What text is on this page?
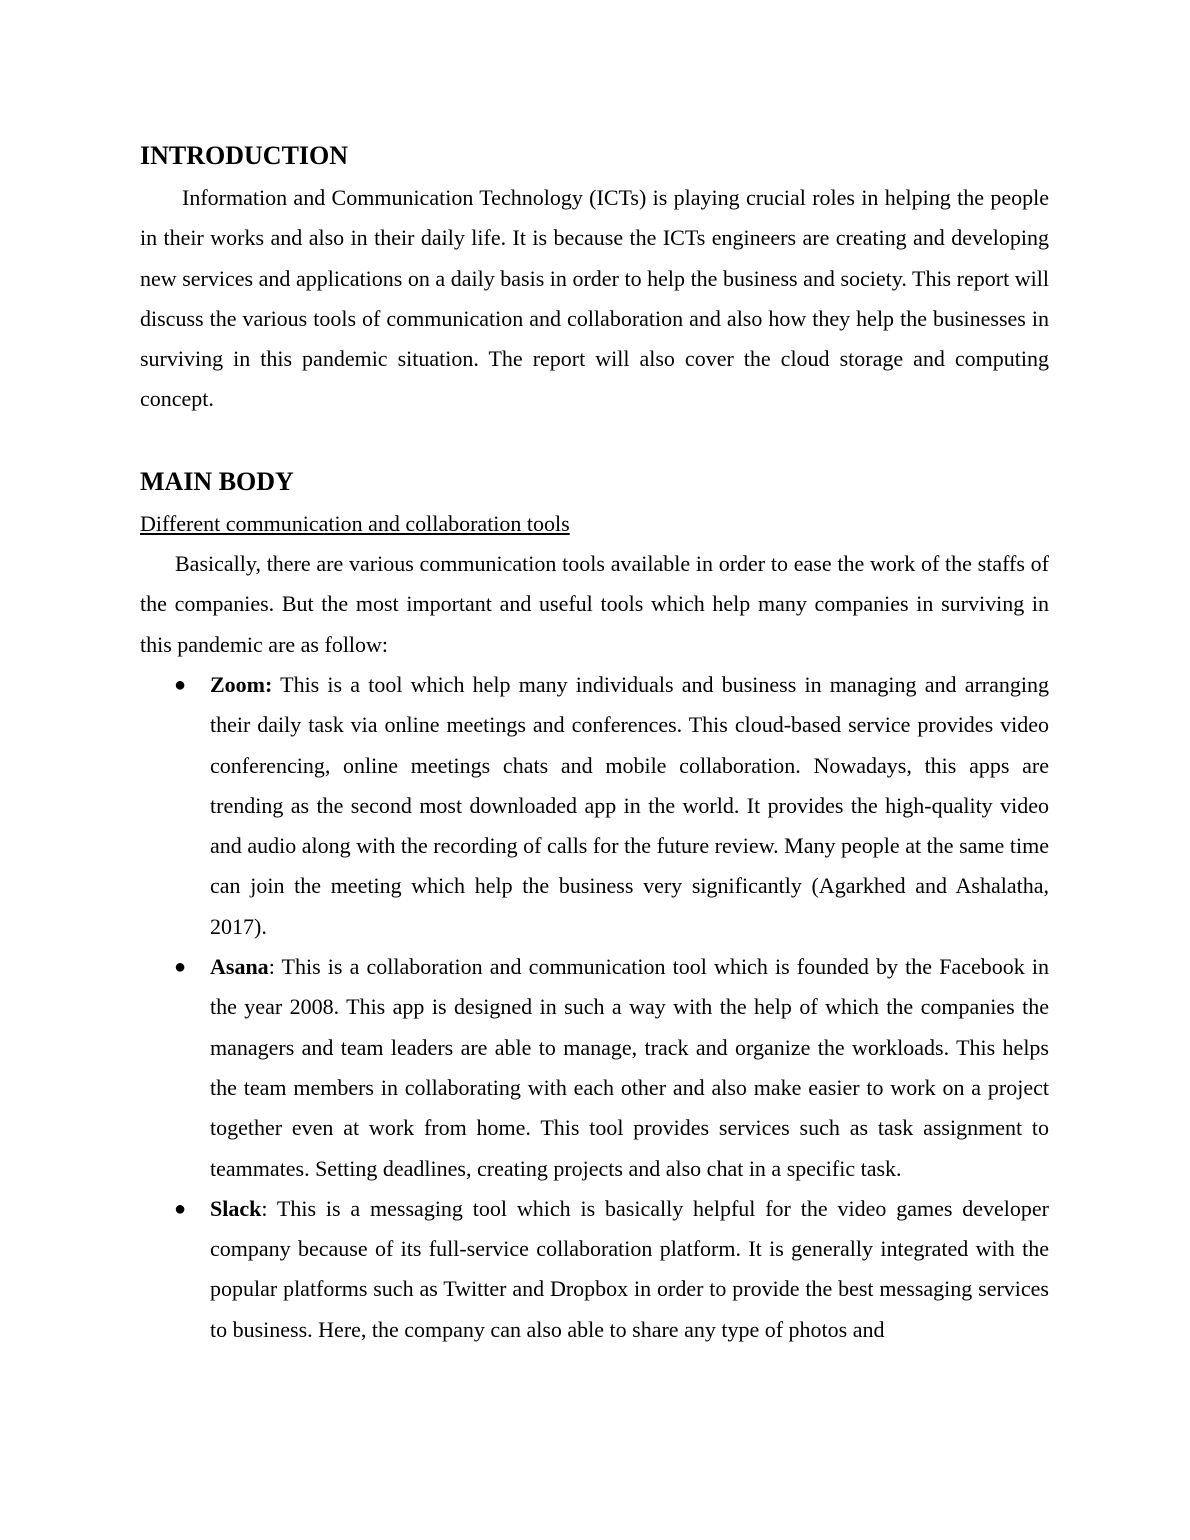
INTRODUCTION

Information and Communication Technology (ICTs) is playing crucial roles in helping the people in their works and also in their daily life. It is because the ICTs engineers are creating and developing new services and applications on a daily basis in order to help the business and society. This report will discuss the various tools of communication and collaboration and also how they help the businesses in surviving in this pandemic situation. The report will also cover the cloud storage and computing concept.

MAIN BODY
Different communication and collaboration tools

Basically, there are various communication tools available in order to ease the work of the staffs of the companies. But the most important and useful tools which help many companies in surviving in this pandemic are as follow:

● Zoom: This is a tool which help many individuals and business in managing and arranging their daily task via online meetings and conferences. This cloud-based service provides video conferencing, online meetings chats and mobile collaboration. Nowadays, this apps are trending as the second most downloaded app in the world. It provides the high-quality video and audio along with the recording of calls for the future review. Many people at the same time can join the meeting which help the business very significantly (Agarkhed and Ashalatha, 2017).
● Asana: This is a collaboration and communication tool which is founded by the Facebook in the year 2008. This app is designed in such a way with the help of which the companies the managers and team leaders are able to manage, track and organize the workloads. This helps the team members in collaborating with each other and also make easier to work on a project together even at work from home. This tool provides services such as task assignment to teammates. Setting deadlines, creating projects and also chat in a specific task.
● Slack: This is a messaging tool which is basically helpful for the video games developer company because of its full-service collaboration platform. It is generally integrated with the popular platforms such as Twitter and Dropbox in order to provide the best messaging services to business. Here, the company can also able to share any type of photos and
